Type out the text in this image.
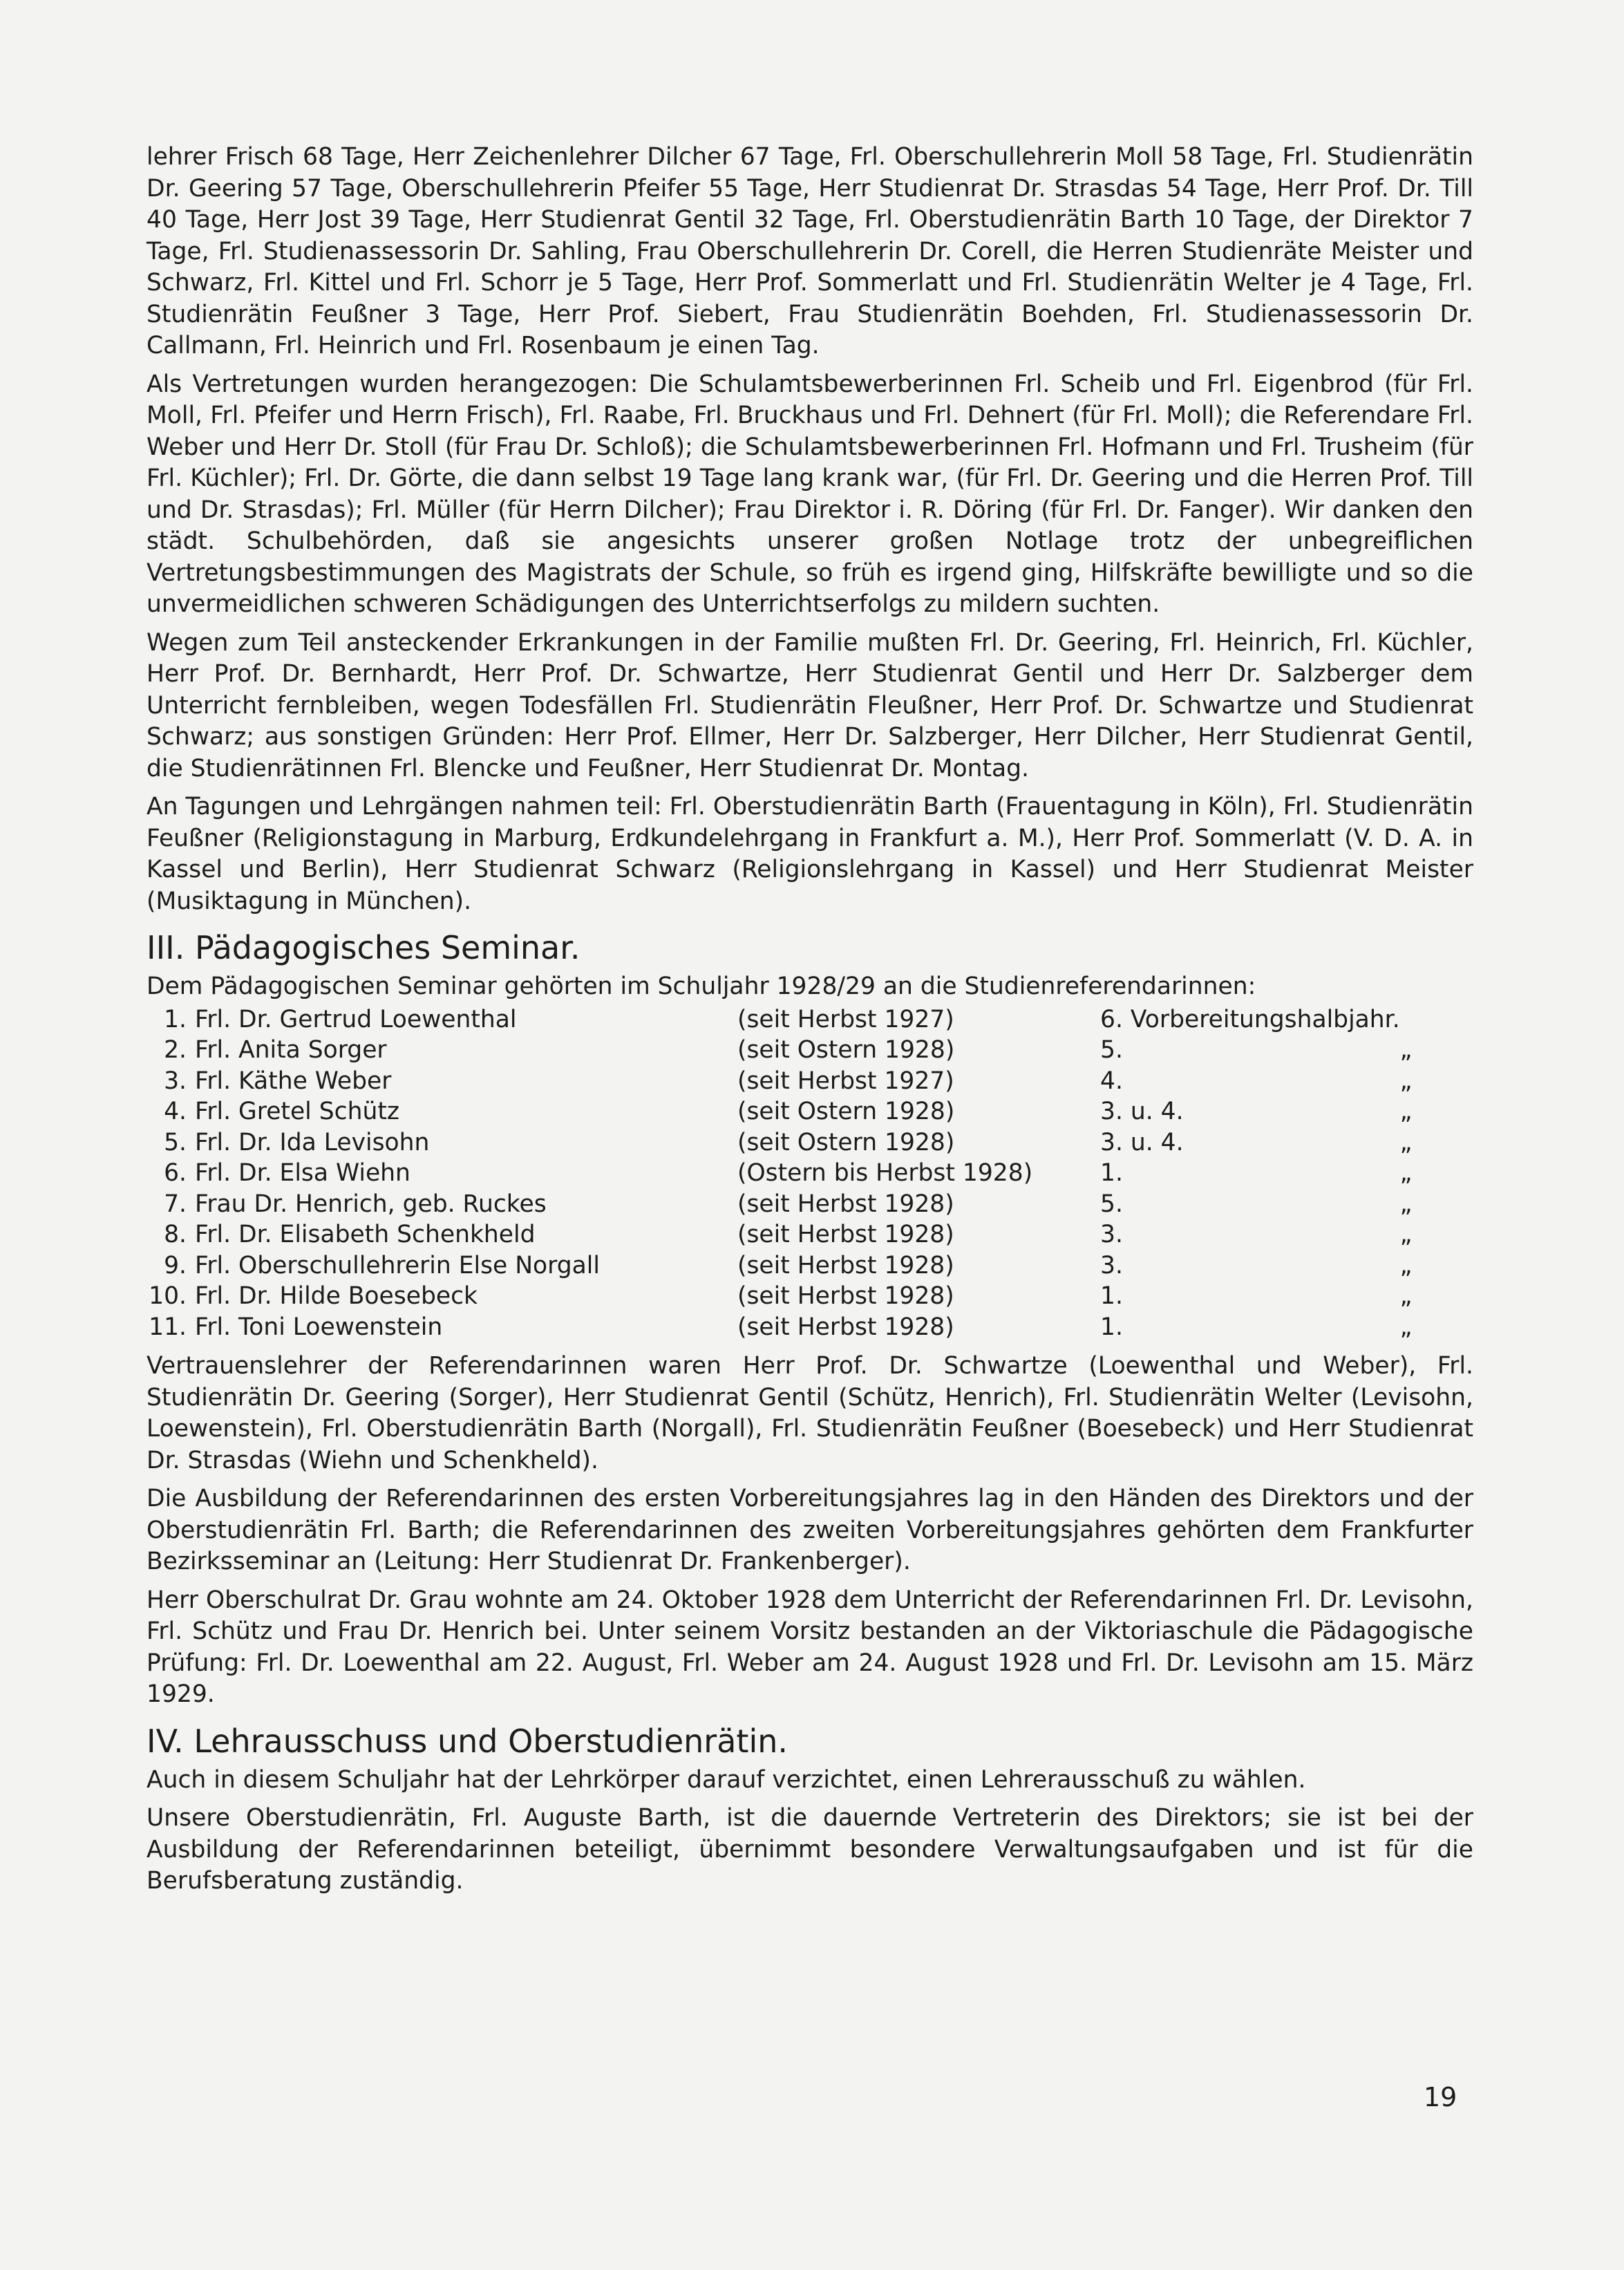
lehrer Frisch 68 Tage, Herr Zeichenlehrer Dilcher 67 Tage, Frl. Oberschullehrerin Moll 58 Tage, Frl. Studienrätin Dr. Geering 57 Tage, Oberschullehrerin Pfeifer 55 Tage, Herr Studienrat Dr. Strasdas 54 Tage, Herr Prof. Dr. Till 40 Tage, Herr Jost 39 Tage, Herr Studienrat Gentil 32 Tage, Frl. Oberstudienrätin Barth 10 Tage, der Direktor 7 Tage, Frl. Studienassessorin Dr. Sahling, Frau Oberschullehrerin Dr. Corell, die Herren Studienräte Meister und Schwarz, Frl. Kittel und Frl. Schorr je 5 Tage, Herr Prof. Sommerlatt und Frl. Studienrätin Welter je 4 Tage, Frl. Studienrätin Feußner 3 Tage, Herr Prof. Siebert, Frau Studienrätin Boehden, Frl. Studienassessorin Dr. Callmann, Frl. Heinrich und Frl. Rosenbaum je einen Tag.

Als Vertretungen wurden herangezogen: Die Schulamtsbewerberinnen Frl. Scheib und Frl. Eigenbrod (für Frl. Moll, Frl. Pfeifer und Herrn Frisch), Frl. Raabe, Frl. Bruckhaus und Frl. Dehnert (für Frl. Moll); die Referendare Frl. Weber und Herr Dr. Stoll (für Frau Dr. Schloß); die Schulamtsbewerberinnen Frl. Hofmann und Frl. Trusheim (für Frl. Küchler); Frl. Dr. Görte, die dann selbst 19 Tage lang krank war, (für Frl. Dr. Geering und die Herren Prof. Till und Dr. Strasdas); Frl. Müller (für Herrn Dilcher); Frau Direktor i. R. Döring (für Frl. Dr. Fanger). Wir danken den städt. Schulbehörden, daß sie angesichts unserer großen Notlage trotz der unbegreiflichen Vertretungsbestimmungen des Magistrats der Schule, so früh es irgend ging, Hilfskräfte bewilligte und so die unvermeidlichen schweren Schädigungen des Unterrichtserfolgs zu mildern suchten.

Wegen zum Teil ansteckender Erkrankungen in der Familie mußten Frl. Dr. Geering, Frl. Heinrich, Frl. Küchler, Herr Prof. Dr. Bernhardt, Herr Prof. Dr. Schwartze, Herr Studienrat Gentil und Herr Dr. Salzberger dem Unterricht fernbleiben, wegen Todesfällen Frl. Studienrätin Fleußner, Herr Prof. Dr. Schwartze und Studienrat Schwarz; aus sonstigen Gründen: Herr Prof. Ellmer, Herr Dr. Salzberger, Herr Dilcher, Herr Studienrat Gentil, die Studienrätinnen Frl. Blencke und Feußner, Herr Studienrat Dr. Montag.

An Tagungen und Lehrgängen nahmen teil: Frl. Oberstudienrätin Barth (Frauentagung in Köln), Frl. Studienrätin Feußner (Religionstagung in Marburg, Erdkundelehrgang in Frankfurt a. M.), Herr Prof. Sommerlatt (V. D. A. in Kassel und Berlin), Herr Studienrat Schwarz (Religionslehrgang in Kassel) und Herr Studienrat Meister (Musiktagung in München).

III. Pädagogisches Seminar.

Dem Pädagogischen Seminar gehörten im Schuljahr 1928/29 an die Studienreferendarinnen:

1.	Frl. Dr. Gertrud Loewenthal	(seit Herbst 1927)	6. Vorbereitungshalbjahr.	
2.	Frl. Anita Sorger	(seit Ostern 1928)	5.	„
3.	Frl. Käthe Weber	(seit Herbst 1927)	4.	„
4.	Frl. Gretel Schütz	(seit Ostern 1928)	3. u. 4.	„
5.	Frl. Dr. Ida Levisohn	(seit Ostern 1928)	3. u. 4.	„
6.	Frl. Dr. Elsa Wiehn	(Ostern bis Herbst 1928)	1.	„
7.	Frau Dr. Henrich, geb. Ruckes	(seit Herbst 1928)	5.	„
8.	Frl. Dr. Elisabeth Schenkheld	(seit Herbst 1928)	3.	„
9.	Frl. Oberschullehrerin Else Norgall	(seit Herbst 1928)	3.	„
10.	Frl. Dr. Hilde Boesebeck	(seit Herbst 1928)	1.	„
11.	Frl. Toni Loewenstein	(seit Herbst 1928)	1.	„

Vertrauenslehrer der Referendarinnen waren Herr Prof. Dr. Schwartze (Loewenthal und Weber), Frl. Studienrätin Dr. Geering (Sorger), Herr Studienrat Gentil (Schütz, Henrich), Frl. Studienrätin Welter (Levisohn, Loewenstein), Frl. Oberstudienrätin Barth (Norgall), Frl. Studienrätin Feußner (Boesebeck) und Herr Studienrat Dr. Strasdas (Wiehn und Schenkheld).

Die Ausbildung der Referendarinnen des ersten Vorbereitungsjahres lag in den Händen des Direktors und der Oberstudienrätin Frl. Barth; die Referendarinnen des zweiten Vorbereitungsjahres gehörten dem Frankfurter Bezirksseminar an (Leitung: Herr Studienrat Dr. Frankenberger).

Herr Oberschulrat Dr. Grau wohnte am 24. Oktober 1928 dem Unterricht der Referendarinnen Frl. Dr. Levisohn, Frl. Schütz und Frau Dr. Henrich bei. Unter seinem Vorsitz bestanden an der Viktoriaschule die Pädagogische Prüfung: Frl. Dr. Loewenthal am 22. August, Frl. Weber am 24. August 1928 und Frl. Dr. Levisohn am 15. März 1929.

IV. Lehrausschuss und Oberstudienrätin.

Auch in diesem Schuljahr hat der Lehrkörper darauf verzichtet, einen Lehrerausschuß zu wählen.

Unsere Oberstudienrätin, Frl. Auguste Barth, ist die dauernde Vertreterin des Direktors; sie ist bei der Ausbildung der Referendarinnen beteiligt, übernimmt besondere Verwaltungsaufgaben und ist für die Berufsberatung zuständig.

19
